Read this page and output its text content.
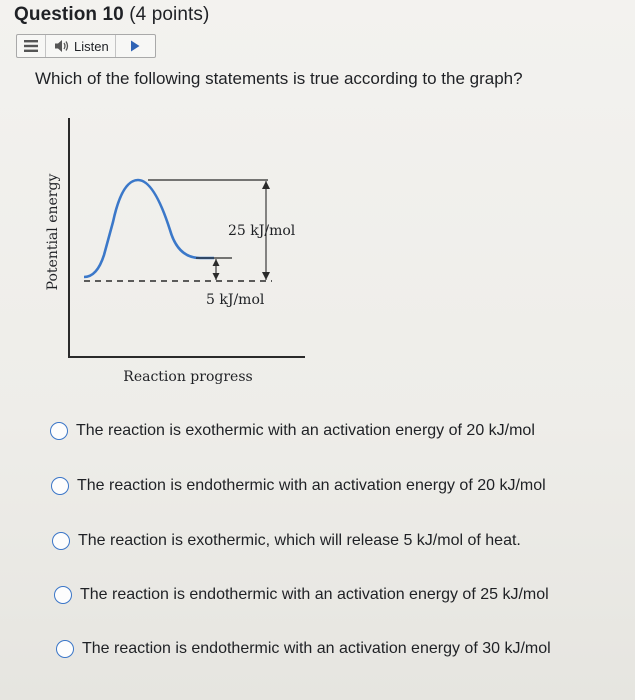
Question 10 (4 points)
Listen
Which of the following statements is true according to the graph?
Potential energy
Reaction progress
25 kJ/mol
5 kJ/mol
The reaction is exothermic with an activation energy of 20 kJ/mol
The reaction is endothermic with an activation energy of 20 kJ/mol
The reaction is exothermic, which will release 5 kJ/mol of heat.
The reaction is endothermic with an activation energy of 25 kJ/mol
The reaction is endothermic with an activation energy of 30 kJ/mol
